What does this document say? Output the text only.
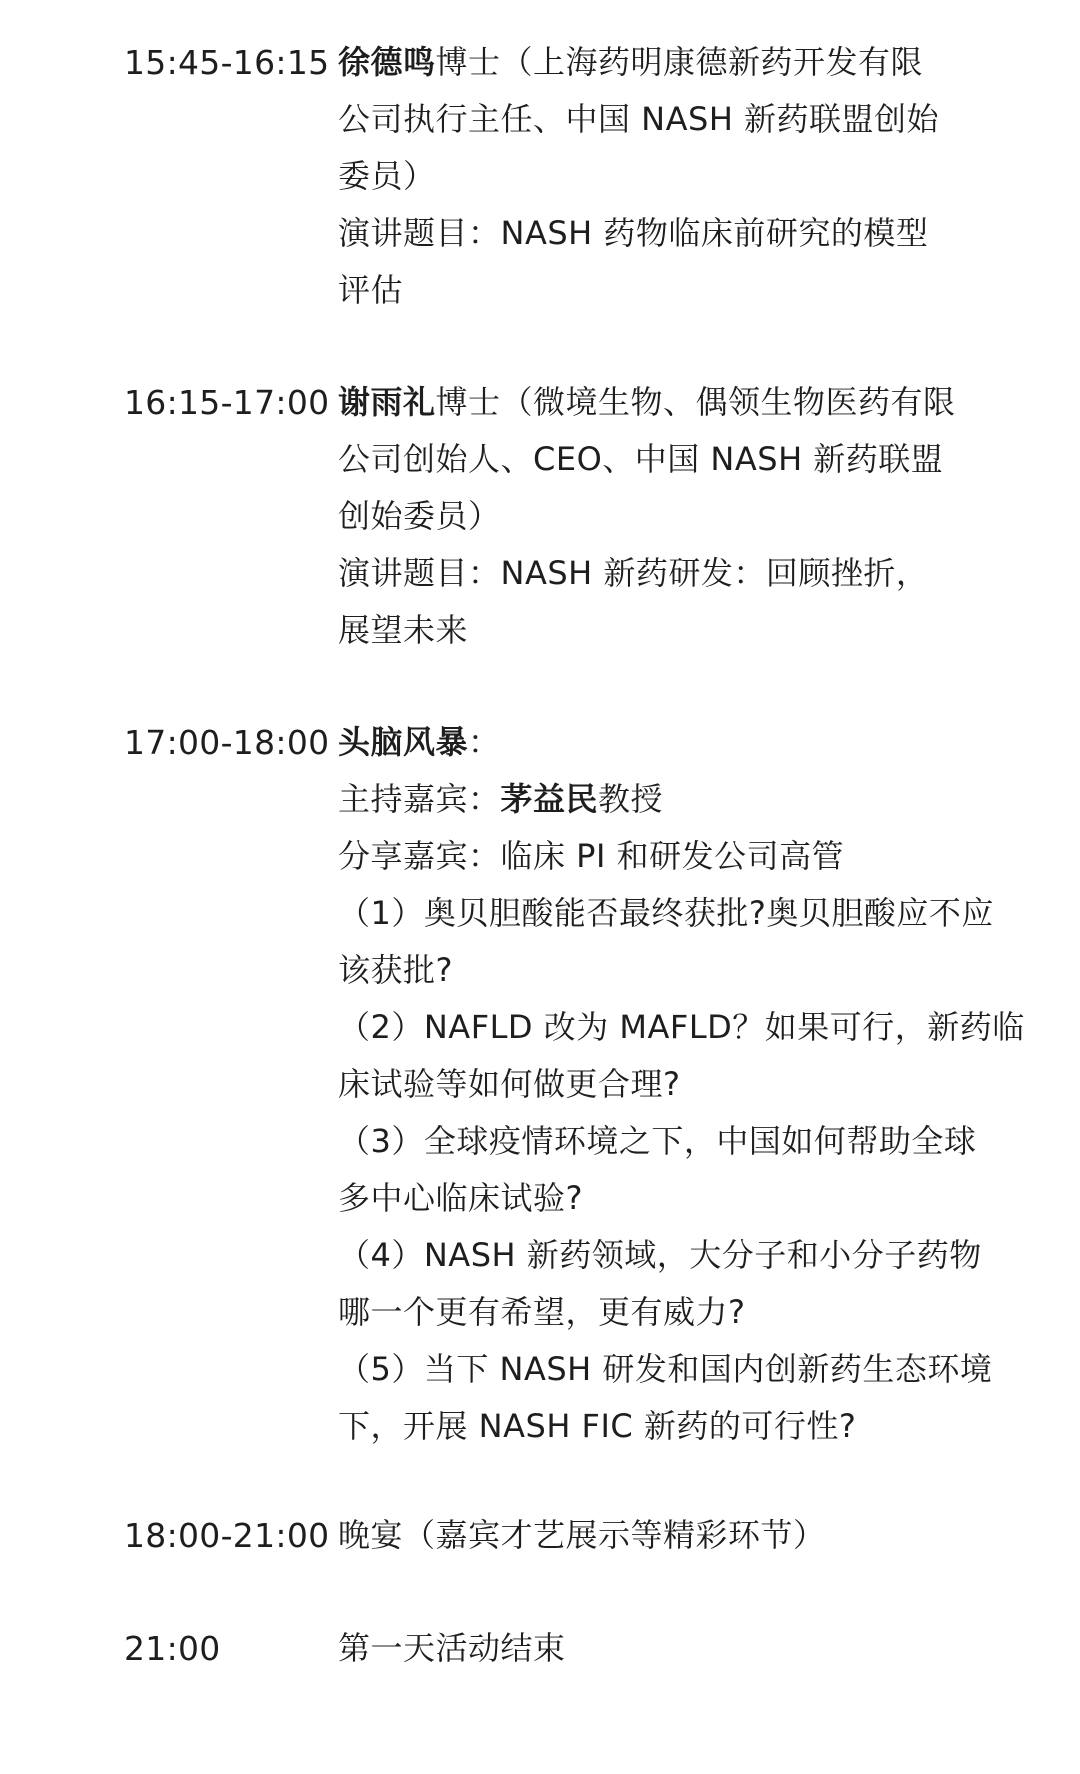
15:45-16:15 徐德鸣博士（上海药明康德新药开发有限
公司执行主任、中国 NASH 新药联盟创始
委员）
演讲题目：NASH 药物临床前研究的模型
评估
16:15-17:00 谢雨礼博士（微境生物、偶领生物医药有限
公司创始人、CEO、中国 NASH 新药联盟
创始委员）
演讲题目：NASH 新药研发：回顾挫折，
展望未来
17:00-18:00 头脑风暴：
主持嘉宾：茅益民教授
分享嘉宾：临床 PI 和研发公司高管
（1）奥贝胆酸能否最终获批?奥贝胆酸应不应
该获批?
（2）NAFLD 改为 MAFLD？如果可行，新药临
床试验等如何做更合理?
（3）全球疫情环境之下，中国如何帮助全球
多中心临床试验?
（4）NASH 新药领域，大分子和小分子药物
哪一个更有希望，更有威力?
（5）当下 NASH 研发和国内创新药生态环境
下，开展 NASH FIC 新药的可行性?
18:00-21:00 晚宴（嘉宾才艺展示等精彩环节）
21:00	第一天活动结束
